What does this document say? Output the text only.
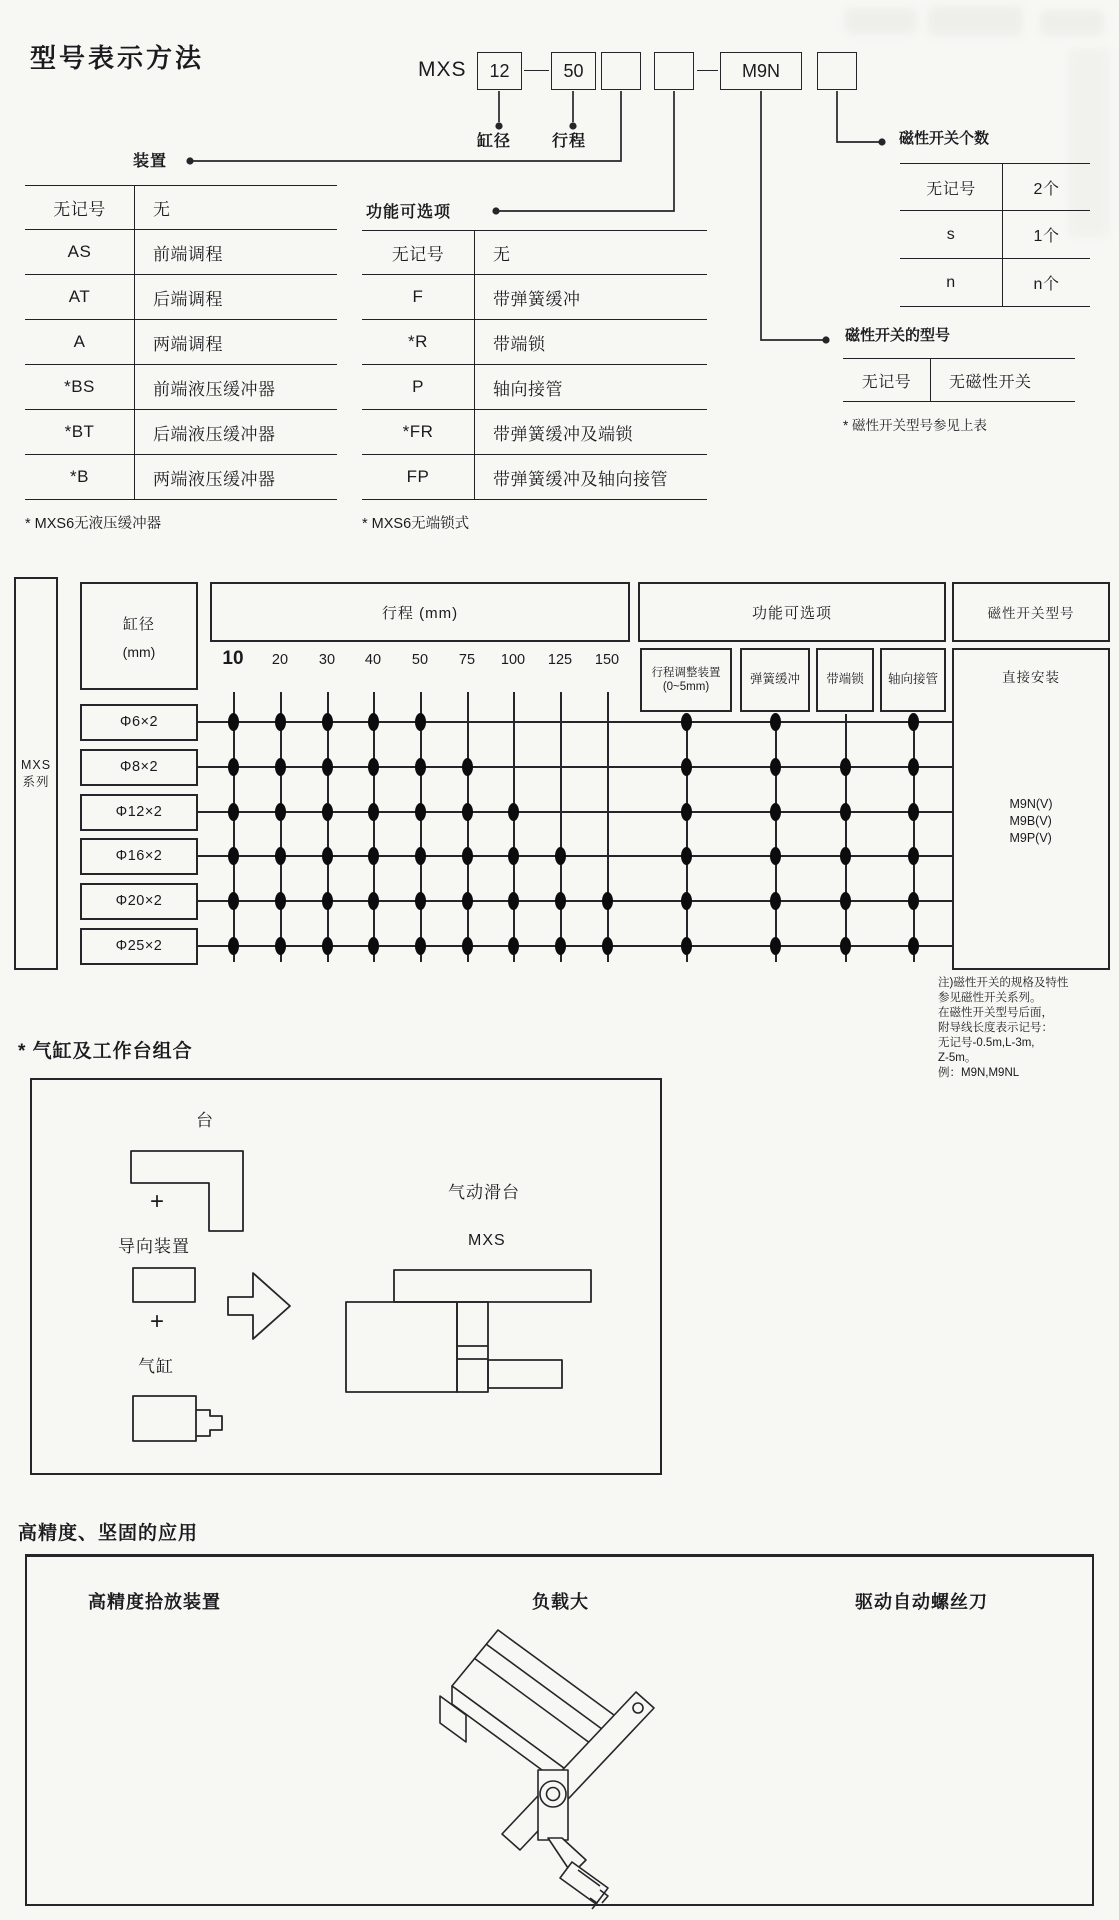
型号表示方法	MXS	12	50	M9N
缸径	行程
装置
无记号	无
AS	前端调程
AT	后端调程
A	两端调程
*BS	前端液压缓冲器
*BT	后端液压缓冲器
*B	两端液压缓冲器
* MXS6无液压缓冲器
功能可选项
无记号	无
F	带弹簧缓冲
*R	带端锁
P	轴向接管
*FR	带弹簧缓冲及端锁
FP	带弹簧缓冲及轴向接管
* MXS6无端锁式
磁性开关个数
无记号	2个
s	1个
n	n个
磁性开关的型号
无记号	无磁性开关
* 磁性开关型号参见上表
MXS
系列
缸径
(mm)
行程 (mm)	功能可选项	磁性开关型号
直接安装
M9N(V)
M9B(V)
M9P(V)
10	20	30	40	50	75	100	125	150
行程调整装置
(0~5mm)
弹簧缓冲 带端锁 轴向接管
Φ6×2
Φ8×2
Φ12×2
Φ16×2
Φ20×2
Φ25×2
注)磁性开关的规格及特性
参见磁性开关系列。
在磁性开关型号后面，
附导线长度表示记号：
无记号-0.5m,L-3m,
Z-5m。
例：M9N,M9NL
* 气缸及工作台组合
台
+
导向装置
+
气缸
气动滑台
MXS
高精度、坚固的应用
高精度拾放装置	负载大	驱动自动螺丝刀
